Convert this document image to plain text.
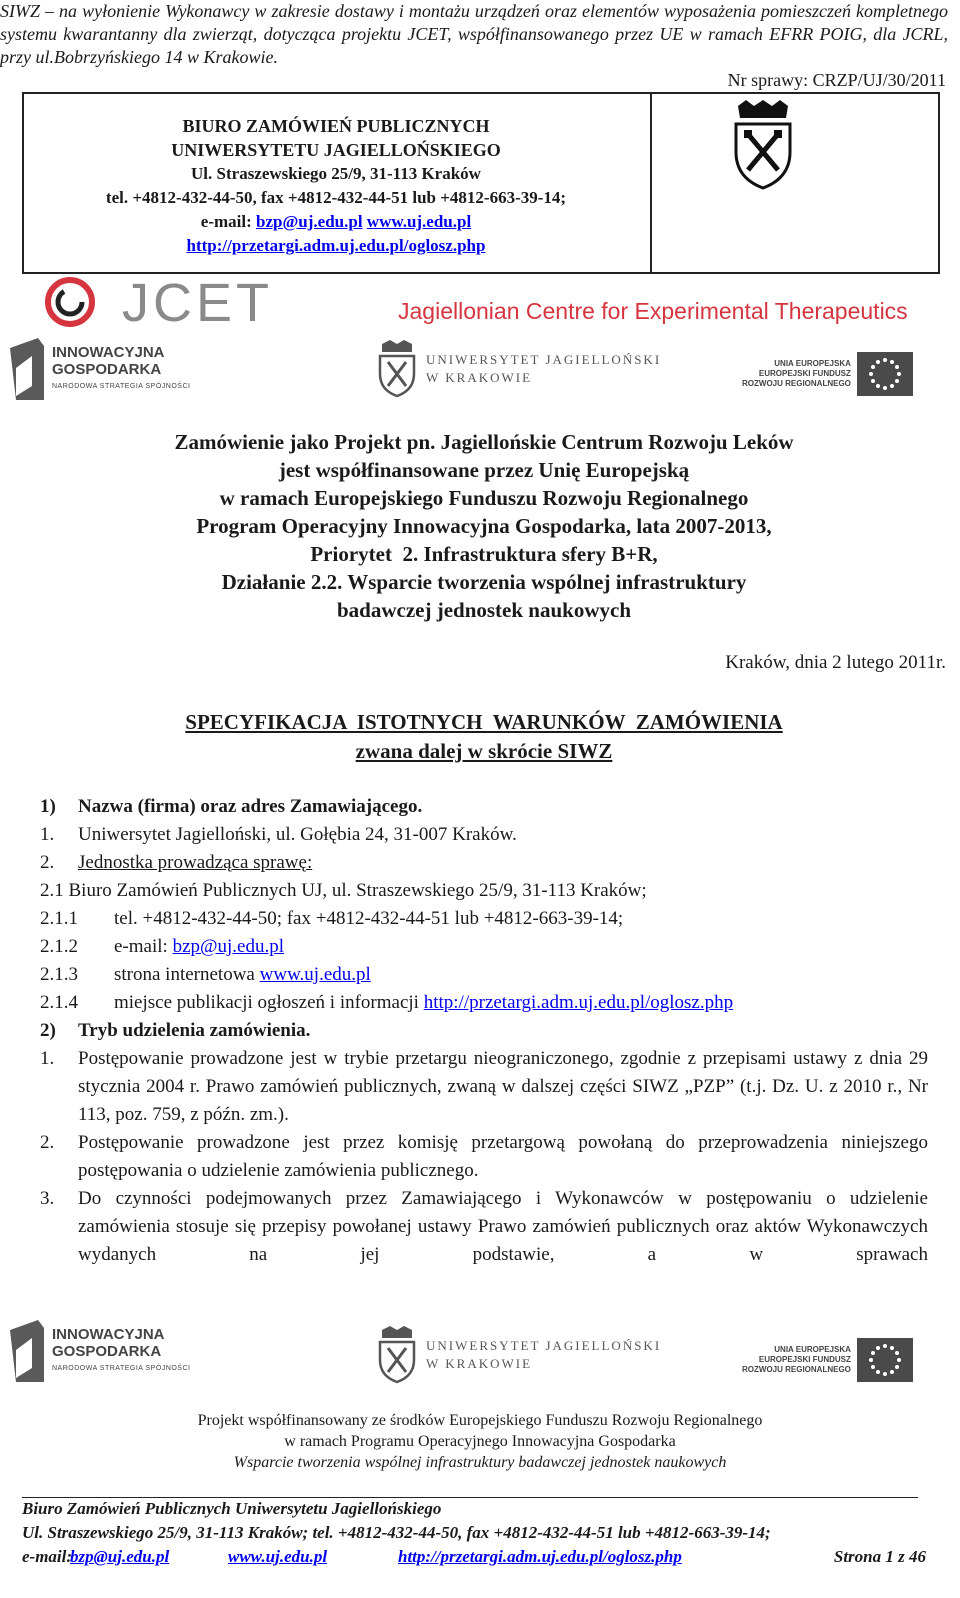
SIWZ – na wyłonienie Wykonawcy w zakresie dostawy i montażu urządzeń oraz elementów wyposażenia pomieszczeń kompletnego systemu kwarantanny dla zwierząt, dotycząca projektu JCET, współfinansowanego przez UE w ramach EFRR POIG, dla JCRL, przy ul.Bobrzyńskiego 14 w Krakowie.
Nr sprawy: CRZP/UJ/30/2011
BIURO ZAMÓWIEŃ PUBLICZNYCH
UNIWERSYTETU JAGIELLOŃSKIEGO
Ul. Straszewskiego 25/9, 31-113 Kraków
tel. +4812-432-44-50, fax +4812-432-44-51 lub +4812-663-39-14;
e-mail: bzp@uj.edu.pl www.uj.edu.pl
http://przetargi.adm.uj.edu.pl/oglosz.php
JCET	Jagiellonian Centre for Experimental Therapeutics
INNOWACYJNA
GOSPODARKA
NARODOWA STRATEGIA SPÓJNOŚCI
UNIWERSYTET JAGIELLOŃSKI
W KRAKOWIE
UNIA EUROPEJSKA
EUROPEJSKI FUNDUSZ
ROZWOJU REGIONALNEGO
Zamówienie jako Projekt pn. Jagiellońskie Centrum Rozwoju Leków
jest współfinansowane przez Unię Europejską
w ramach Europejskiego Funduszu Rozwoju Regionalnego
Program Operacyjny Innowacyjna Gospodarka, lata 2007-2013,
Priorytet  2. Infrastruktura sfery B+R,
Działanie 2.2. Wsparcie tworzenia wspólnej infrastruktury
badawczej jednostek naukowych
Kraków, dnia 2 lutego 2011r.
SPECYFIKACJA  ISTOTNYCH  WARUNKÓW  ZAMÓWIENIA
zwana dalej w skrócie SIWZ
1)	Nazwa (firma) oraz adres Zamawiającego.
1.	Uniwersytet Jagielloński, ul. Gołębia 24, 31-007 Kraków.
2.	Jednostka prowadząca sprawę:
2.1 Biuro Zamówień Publicznych UJ, ul. Straszewskiego 25/9, 31-113 Kraków;
2.1.1	tel. +4812-432-44-50; fax +4812-432-44-51 lub +4812-663-39-14;
2.1.2	e-mail: bzp@uj.edu.pl
2.1.3	strona internetowa www.uj.edu.pl
2.1.4	miejsce publikacji ogłoszeń i informacji http://przetargi.adm.uj.edu.pl/oglosz.php
2)	Tryb udzielenia zamówienia.
1.	Postępowanie prowadzone jest w trybie przetargu nieograniczonego, zgodnie z przepisami ustawy z dnia 29 stycznia 2004 r. Prawo zamówień publicznych, zwaną w dalszej części SIWZ „PZP” (t.j. Dz. U. z 2010 r., Nr 113, poz. 759, z późn. zm.).
2.	Postępowanie prowadzone jest przez komisję przetargową powołaną do przeprowadzenia niniejszego postępowania o udzielenie zamówienia publicznego.
3.	Do czynności podejmowanych przez Zamawiającego i Wykonawców w postępowaniu o udzielenie zamówienia stosuje się przepisy powołanej ustawy Prawo zamówień publicznych oraz aktów Wykonawczych wydanych na jej podstawie, a w sprawach
INNOWACYJNA
GOSPODARKA
NARODOWA STRATEGIA SPÓJNOŚCI
UNIWERSYTET JAGIELLOŃSKI
W KRAKOWIE
UNIA EUROPEJSKA
EUROPEJSKI FUNDUSZ
ROZWOJU REGIONALNEGO
Projekt współfinansowany ze środków Europejskiego Funduszu Rozwoju Regionalnego
w ramach Programu Operacyjnego Innowacyjna Gospodarka
Wsparcie tworzenia wspólnej infrastruktury badawczej jednostek naukowych
Biuro Zamówień Publicznych Uniwersytetu Jagiellońskiego
Ul. Straszewskiego 25/9, 31-113 Kraków; tel. +4812-432-44-50, fax +4812-432-44-51 lub +4812-663-39-14;
e-mail:
bzp@uj.edu.pl	www.uj.edu.pl	http://przetargi.adm.uj.edu.pl/oglosz.php	Strona 1 z 46
